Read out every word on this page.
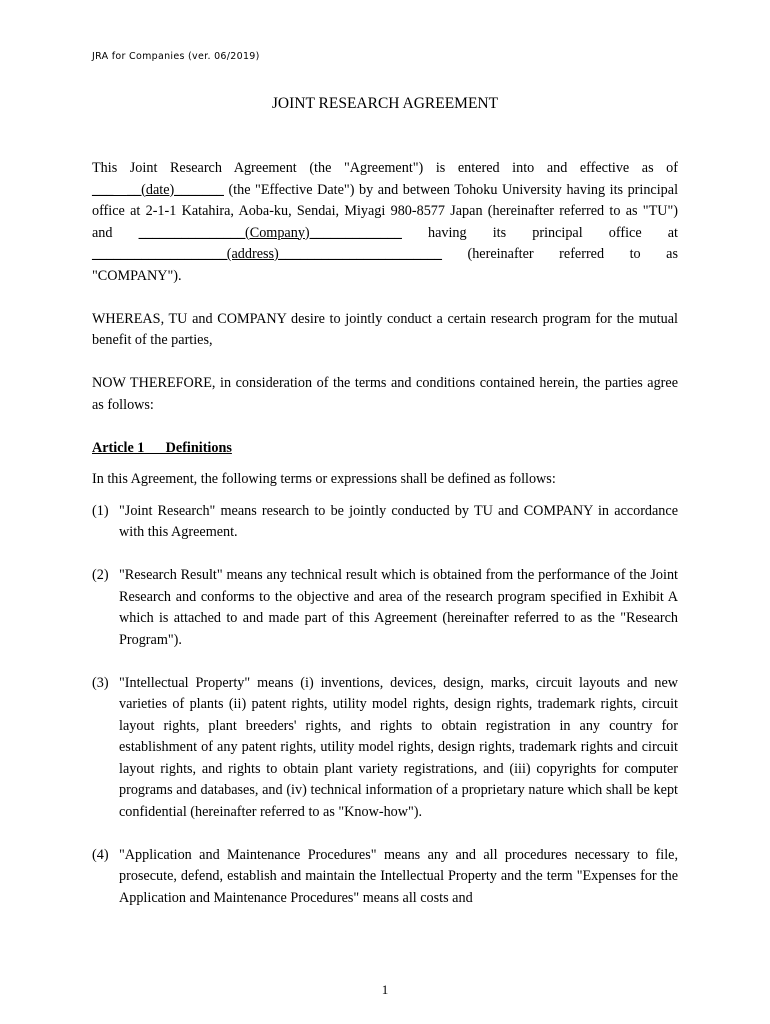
JRA for Companies (ver. 06/2019)
JOINT RESEARCH AGREEMENT

This Joint Research Agreement (the "Agreement") is entered into and effective as of ___   __(date)_______ (the "Effective Date") by and between Tohoku University having its principal office at 2-1-1 Katahira, Aoba-ku, Sendai, Miyagi 980-8577 Japan (hereinafter referred to as "TU") and _______________(Company)_____________ having its principal office at ___________________(address)_______________________ (hereinafter referred to as "COMPANY").

WHEREAS, TU and COMPANY desire to jointly conduct a certain research program for the mutual benefit of the parties,

NOW THEREFORE, in consideration of the terms and conditions contained herein, the parties agree as follows:

Article 1      Definitions

In this Agreement, the following terms or expressions shall be defined as follows:

(1) "Joint Research" means research to be jointly conducted by TU and COMPANY in accordance with this Agreement.
(2) "Research Result" means any technical result which is obtained from the performance of the Joint Research and conforms to the objective and area of the research program specified in Exhibit A which is attached to and made part of this Agreement (hereinafter referred to as the "Research Program").
(3) "Intellectual Property" means (i) inventions, devices, design, marks, circuit layouts and new varieties of plants (ii) patent rights, utility model rights, design rights, trademark rights, circuit layout rights, plant breeders' rights, and rights to obtain registration in any country for establishment of any patent rights, utility model rights, design rights, trademark rights and circuit layout rights, and rights to obtain plant variety registrations, and (iii) copyrights for computer programs and databases, and (iv) technical information of a proprietary nature which shall be kept confidential (hereinafter referred to as "Know-how").
(4) "Application and Maintenance Procedures" means any and all procedures necessary to file, prosecute, defend, establish and maintain the Intellectual Property and the term "Expenses for the Application and Maintenance Procedures" means all costs and
1
